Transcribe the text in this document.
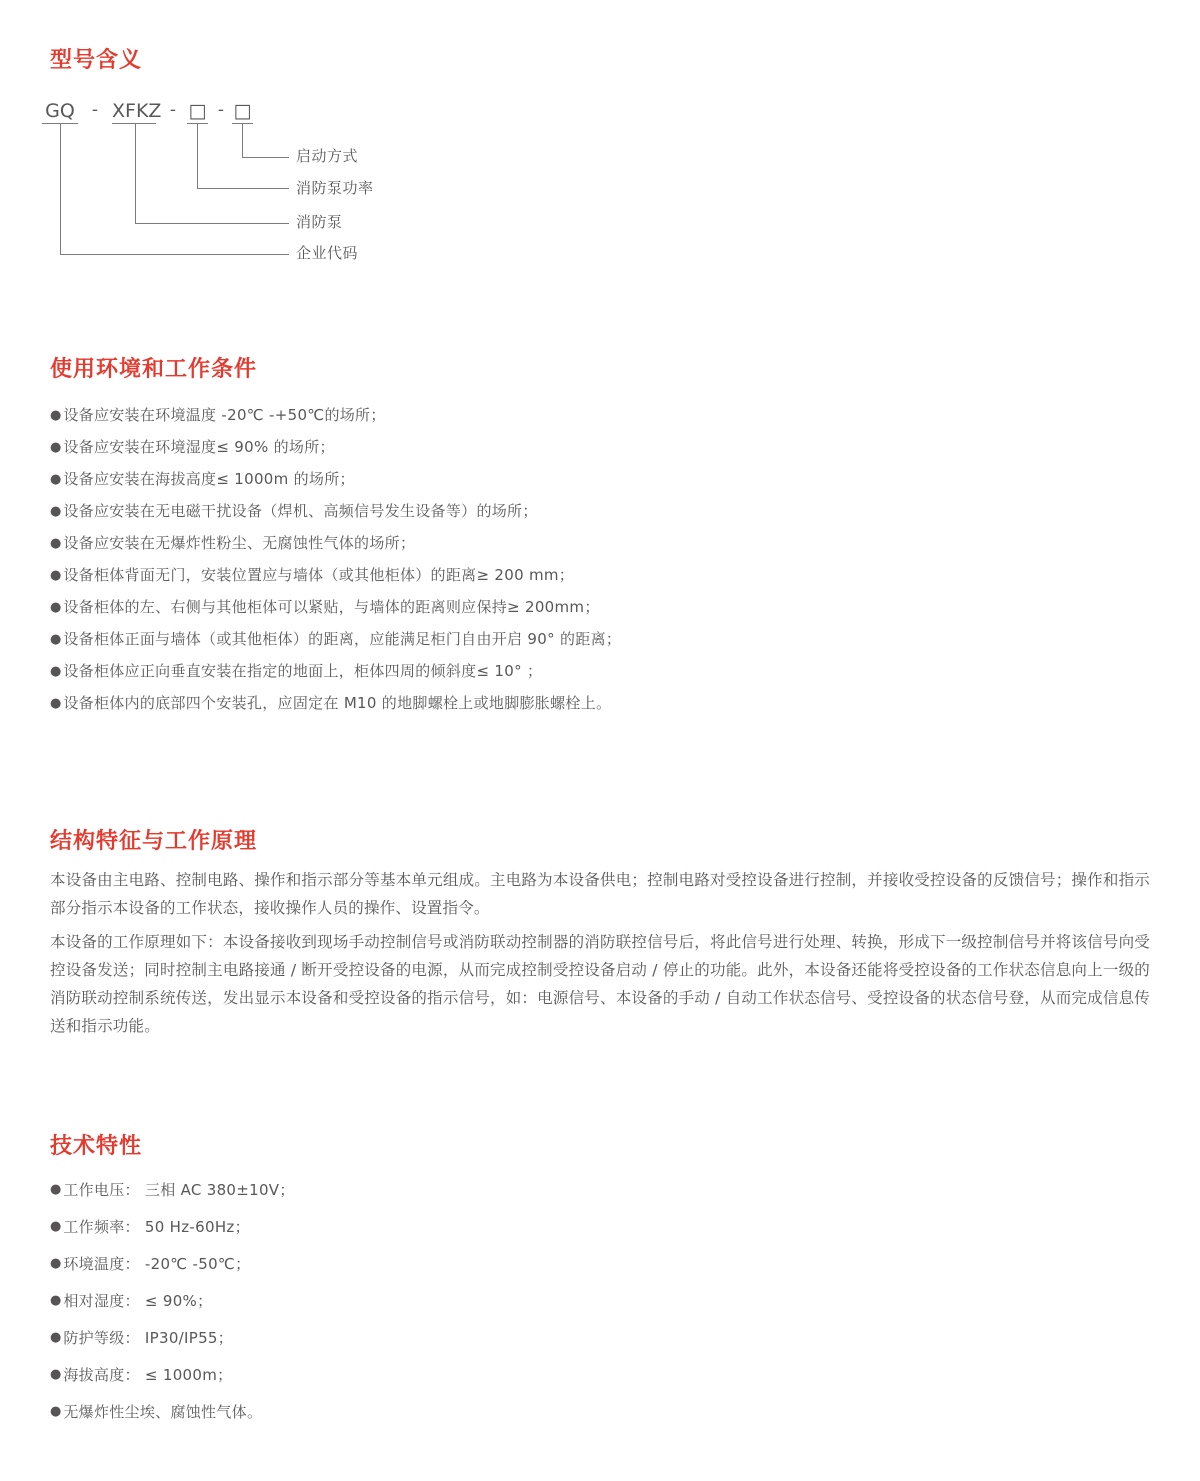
型号含义
GQ	- XFKZ - □ - □
启动方式
消防泵功率
消防泵
企业代码
使用环境和工作条件
● 设备应安装在环境温度 -20℃ -+50℃的场所；
● 设备应安装在环境湿度≤ 90% 的场所；
● 设备应安装在海拔高度≤ 1000m 的场所；
● 设备应安装在无电磁干扰设备（焊机、高频信号发生设备等）的场所；
● 设备应安装在无爆炸性粉尘、无腐蚀性气体的场所；
● 设备柜体背面无门，安装位置应与墙体（或其他柜体）的距离≥ 200 mm；
● 设备柜体的左、右侧与其他柜体可以紧贴，与墙体的距离则应保持≥ 200mm；
● 设备柜体正面与墙体（或其他柜体）的距离，应能满足柜门自由开启 90° 的距离；
● 设备柜体应正向垂直安装在指定的地面上，柜体四周的倾斜度≤ 10° ；
● 设备柜体内的底部四个安装孔，应固定在 M10 的地脚螺栓上或地脚膨胀螺栓上。
结构特征与工作原理

本设备由主电路、控制电路、操作和指示部分等基本单元组成。主电路为本设备供电；控制电路对受控设备进行控制，并接收受控设备的反馈信号；操作和指示部分指示本设备的工作状态，接收操作人员的操作、设置指令。

本设备的工作原理如下：本设备接收到现场手动控制信号或消防联动控制器的消防联控信号后，将此信号进行处理、转换，形成下一级控制信号并将该信号向受控设备发送；同时控制主电路接通 / 断开受控设备的电源，从而完成控制受控设备启动 / 停止的功能。此外，本设备还能将受控设备的工作状态信息向上一级的消防联动控制系统传送，发出显示本设备和受控设备的指示信号，如：电源信号、本设备的手动 / 自动工作状态信号、受控设备的状态信号登，从而完成信息传送和指示功能。

技术特性
● 工作电压： 三相 AC 380±10V；
● 工作频率： 50 Hz-60Hz；
● 环境温度： -20℃ -50℃；
● 相对湿度： ≤ 90%；
● 防护等级： IP30/IP55；
● 海拔高度： ≤ 1000m；
● 无爆炸性尘埃、腐蚀性气体。
